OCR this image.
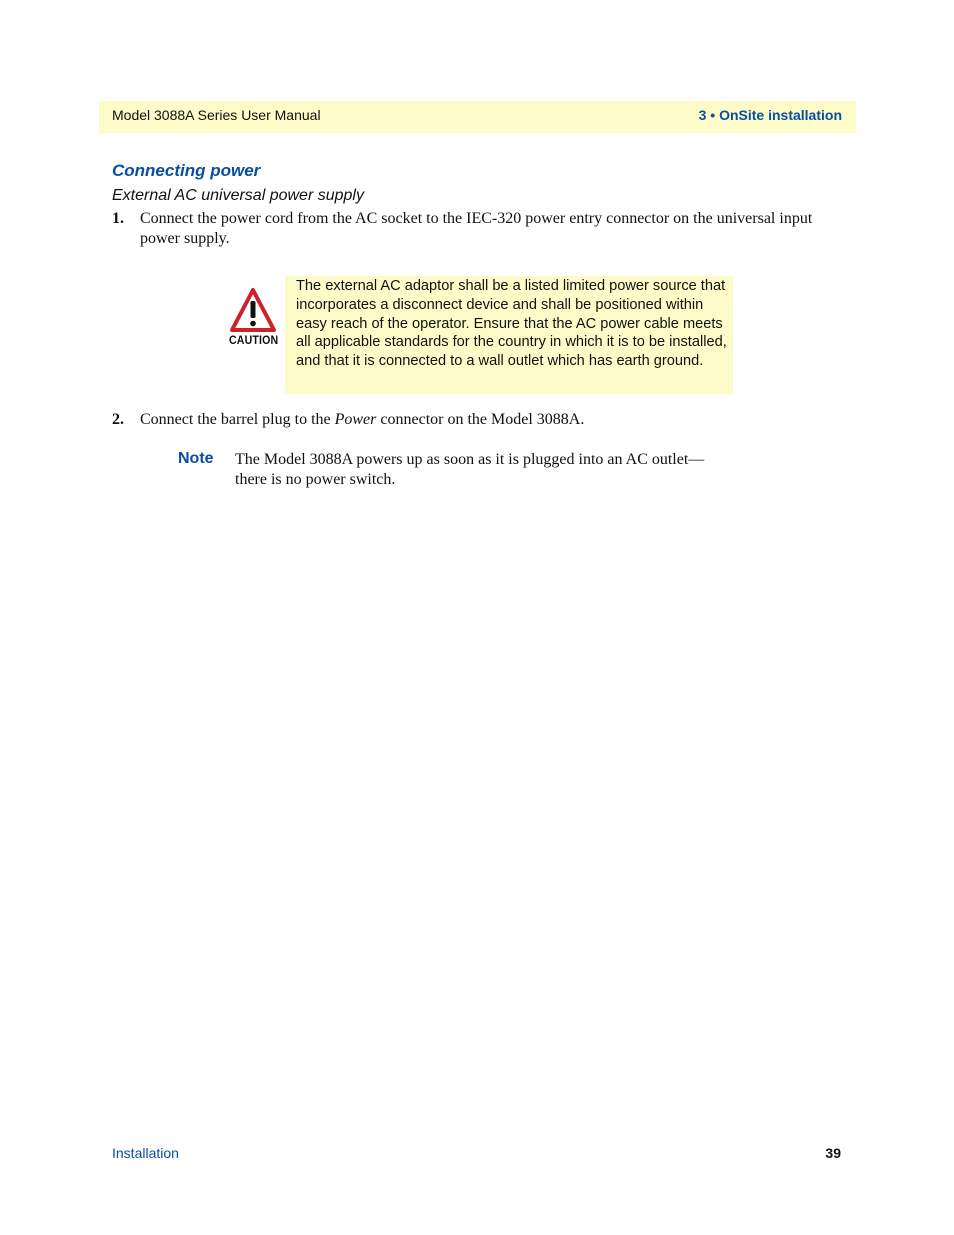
Model 3088A Series User Manual	3 • OnSite installation
Connecting power
External AC universal power supply
1. Connect the power cord from the AC socket to the IEC-320 power entry connector on the universal input power supply.
CAUTION
The external AC adaptor shall be a listed limited power source that incorporates a disconnect device and shall be positioned within easy reach of the operator. Ensure that the AC power cable meets all applicable standards for the country in which it is to be installed, and that it is connected to a wall outlet which has earth ground.
2. Connect the barrel plug to the Power connector on the Model 3088A.
Note The Model 3088A powers up as soon as it is plugged into an AC outlet—there is no power switch.
Installation	39
